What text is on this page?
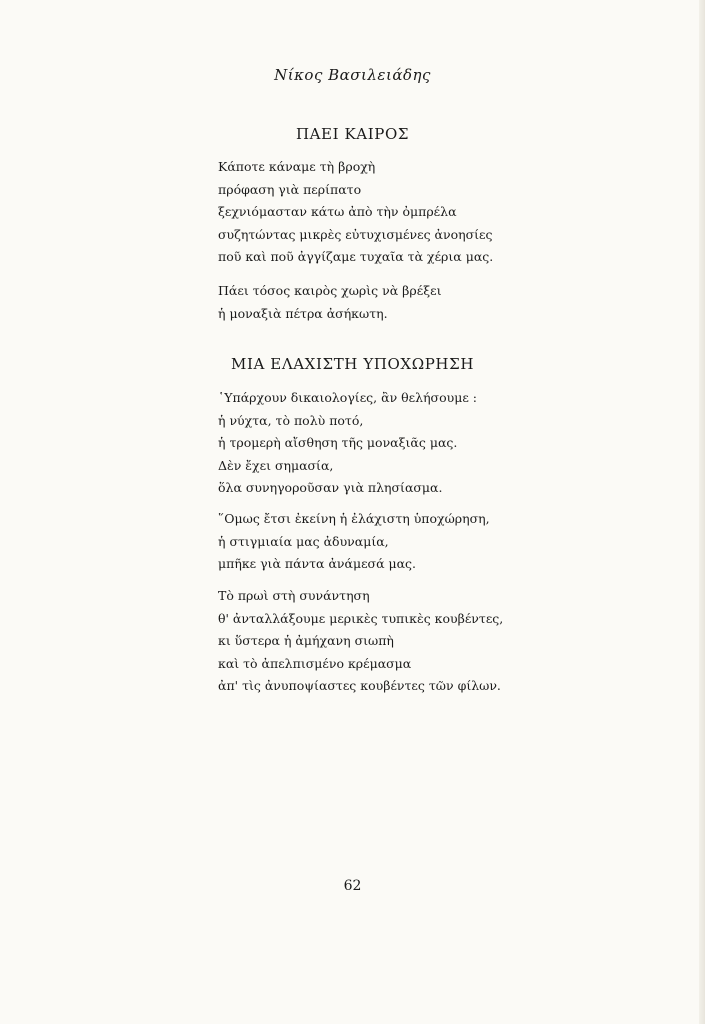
Νίκος Βασιλειάδης
ΠΑΕΙ ΚΑΙΡΟΣ
Κάποτε κάναμε τὴ βροχὴ
πρόφαση γιὰ περίπατο
ξεχνιόμασταν κάτω ἀπὸ τὴν ὀμπρέλα
συζητώντας μικρὲς εὐτυχισμένες ἀνοησίες
ποῦ καὶ ποῦ ἀγγίζαμε τυχαῖα τὰ χέρια μας.
Πάει τόσος καιρὸς χωρὶς νὰ βρέξει
ἡ μοναξιὰ πέτρα ἀσήκωτη.
ΜΙΑ ΕΛΑΧΙΣΤΗ ΥΠΟΧΩΡΗΣΗ
῾Υπάρχουν δικαιολογίες, ἂν θελήσουμε :
ἡ νύχτα, τὸ πολὺ ποτό,
ἡ τρομερὴ αἴσθηση τῆς μοναξιᾶς μας.
Δὲν ἔχει σημασία,
ὅλα συνηγοροῦσαν γιὰ πλησίασμα.
῞Ομως ἔτσι ἐκείνη ἡ ἐλάχιστη ὑποχώρηση,
ἡ στιγμιαία μας ἀδυναμία,
μπῆκε γιὰ πάντα ἀνάμεσά μας.
Τὸ πρωὶ στὴ συνάντηση
θ' ἀνταλλάξουμε μερικὲς τυπικὲς κουβέντες,
κι ὕστερα ἡ ἀμήχανη σιωπὴ
καὶ τὸ ἀπελπισμένο κρέμασμα
ἀπ' τὶς ἀνυποψίαστες κουβέντες τῶν φίλων.
62
